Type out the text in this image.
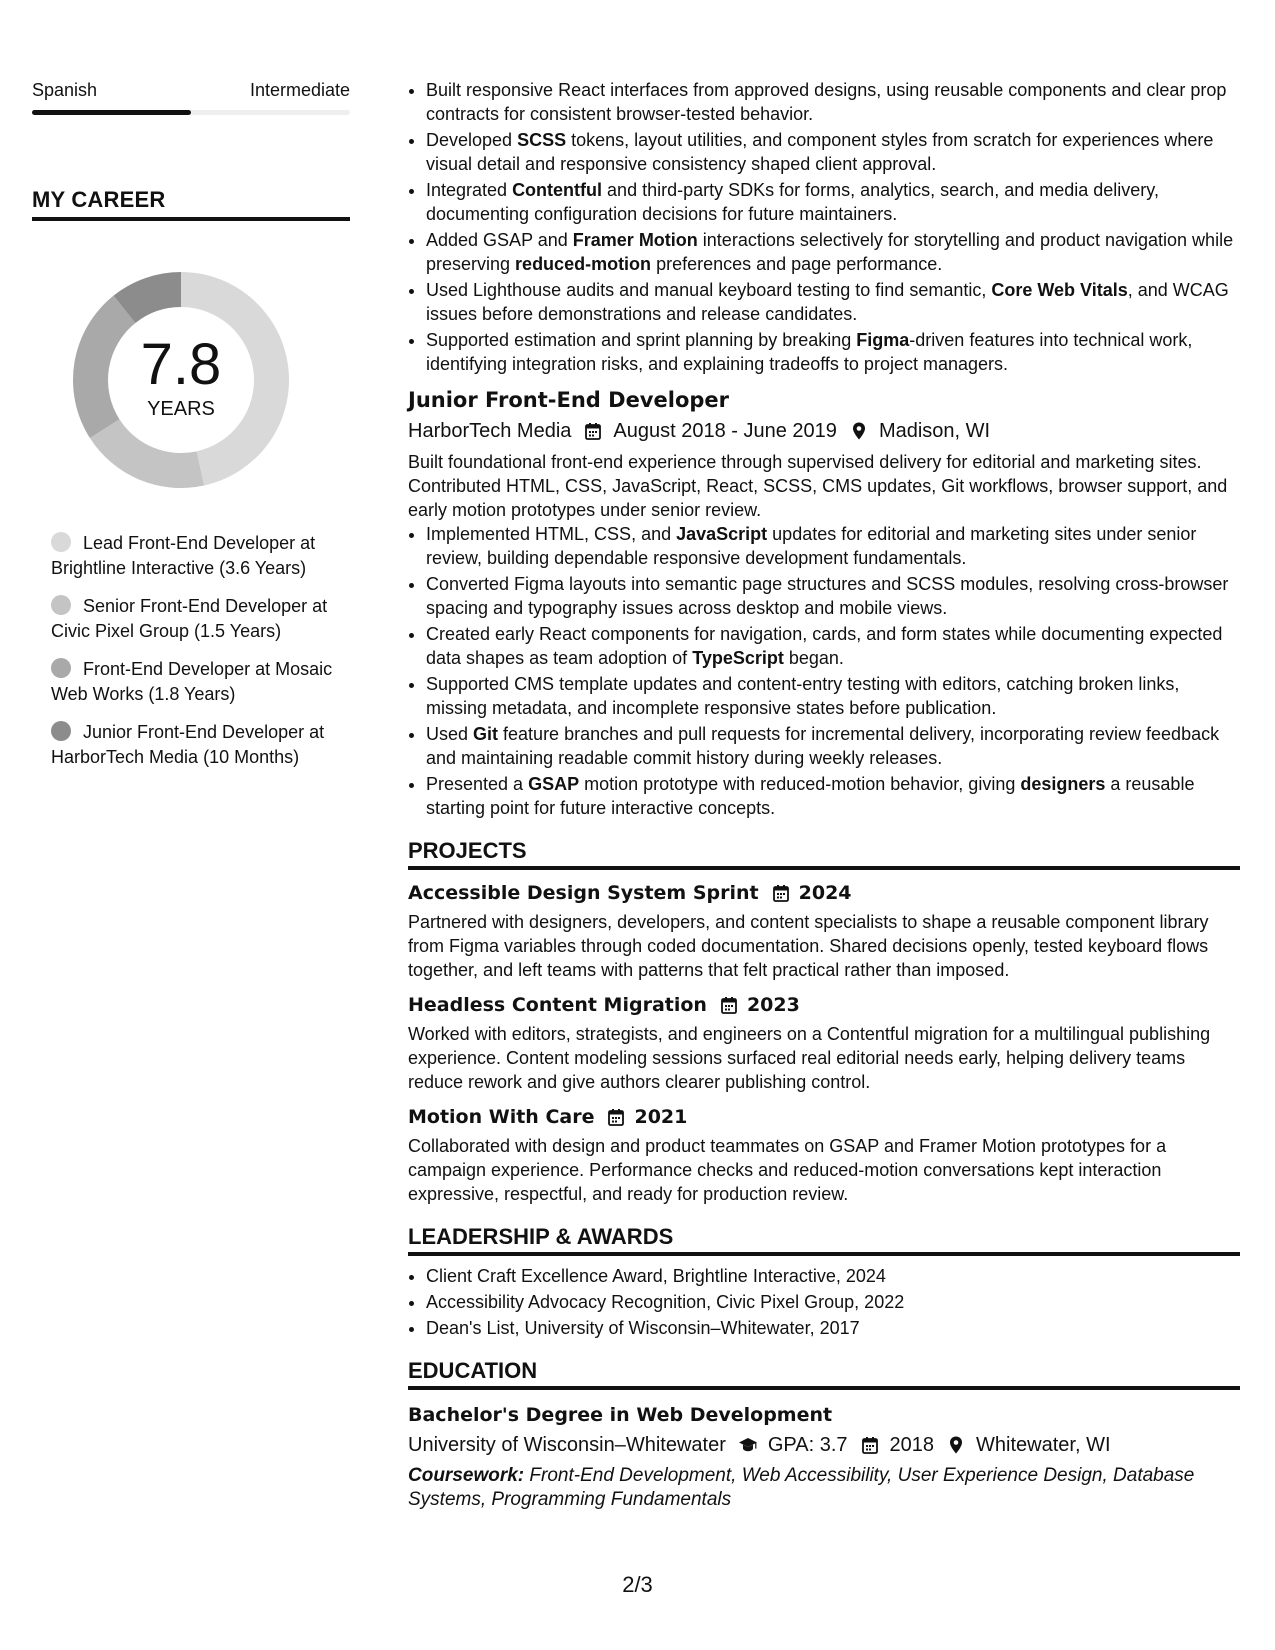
Spanish	Intermediate
MY CAREER
7.8
YEARS
Lead Front-End Developer at Brightline Interactive (3.6 Years)
Senior Front-End Developer at Civic Pixel Group (1.5 Years)
Front-End Developer at Mosaic Web Works (1.8 Years)
Junior Front-End Developer at HarborTech Media (10 Months)
• Built responsive React interfaces from approved designs, using reusable components and clear prop contracts for consistent browser-tested behavior.
• Developed SCSS tokens, layout utilities, and component styles from scratch for experiences where visual detail and responsive consistency shaped client approval.
• Integrated Contentful and third-party SDKs for forms, analytics, search, and media delivery, documenting configuration decisions for future maintainers.
• Added GSAP and Framer Motion interactions selectively for storytelling and product navigation while preserving reduced-motion preferences and page performance.
• Used Lighthouse audits and manual keyboard testing to find semantic, Core Web Vitals, and WCAG issues before demonstrations and release candidates.
• Supported estimation and sprint planning by breaking Figma-driven features into technical work, identifying integration risks, and explaining tradeoffs to project managers.
Junior Front-End Developer
HarborTech Media August 2018 - June 2019 Madison, WI
Built foundational front-end experience through supervised delivery for editorial and marketing sites. Contributed HTML, CSS, JavaScript, React, SCSS, CMS updates, Git workflows, browser support, and early motion prototypes under senior review.
• Implemented HTML, CSS, and JavaScript updates for editorial and marketing sites under senior review, building dependable responsive development fundamentals.
• Converted Figma layouts into semantic page structures and SCSS modules, resolving cross-browser spacing and typography issues across desktop and mobile views.
• Created early React components for navigation, cards, and form states while documenting expected data shapes as team adoption of TypeScript began.
• Supported CMS template updates and content-entry testing with editors, catching broken links, missing metadata, and incomplete responsive states before publication.
• Used Git feature branches and pull requests for incremental delivery, incorporating review feedback and maintaining readable commit history during weekly releases.
• Presented a GSAP motion prototype with reduced-motion behavior, giving designers a reusable starting point for future interactive concepts.
PROJECTS
Accessible Design System Sprint 2024
Partnered with designers, developers, and content specialists to shape a reusable component library from Figma variables through coded documentation. Shared decisions openly, tested keyboard flows together, and left teams with patterns that felt practical rather than imposed.
Headless Content Migration 2023
Worked with editors, strategists, and engineers on a Contentful migration for a multilingual publishing experience. Content modeling sessions surfaced real editorial needs early, helping delivery teams reduce rework and give authors clearer publishing control.
Motion With Care 2021
Collaborated with design and product teammates on GSAP and Framer Motion prototypes for a campaign experience. Performance checks and reduced-motion conversations kept interaction expressive, respectful, and ready for production review.
LEADERSHIP & AWARDS
• Client Craft Excellence Award, Brightline Interactive, 2024
• Accessibility Advocacy Recognition, Civic Pixel Group, 2022
• Dean's List, University of Wisconsin–Whitewater, 2017
EDUCATION
Bachelor's Degree in Web Development
University of Wisconsin–Whitewater GPA: 3.7 2018 Whitewater, WI
Coursework: Front-End Development, Web Accessibility, User Experience Design, Database Systems, Programming Fundamentals
2/3
